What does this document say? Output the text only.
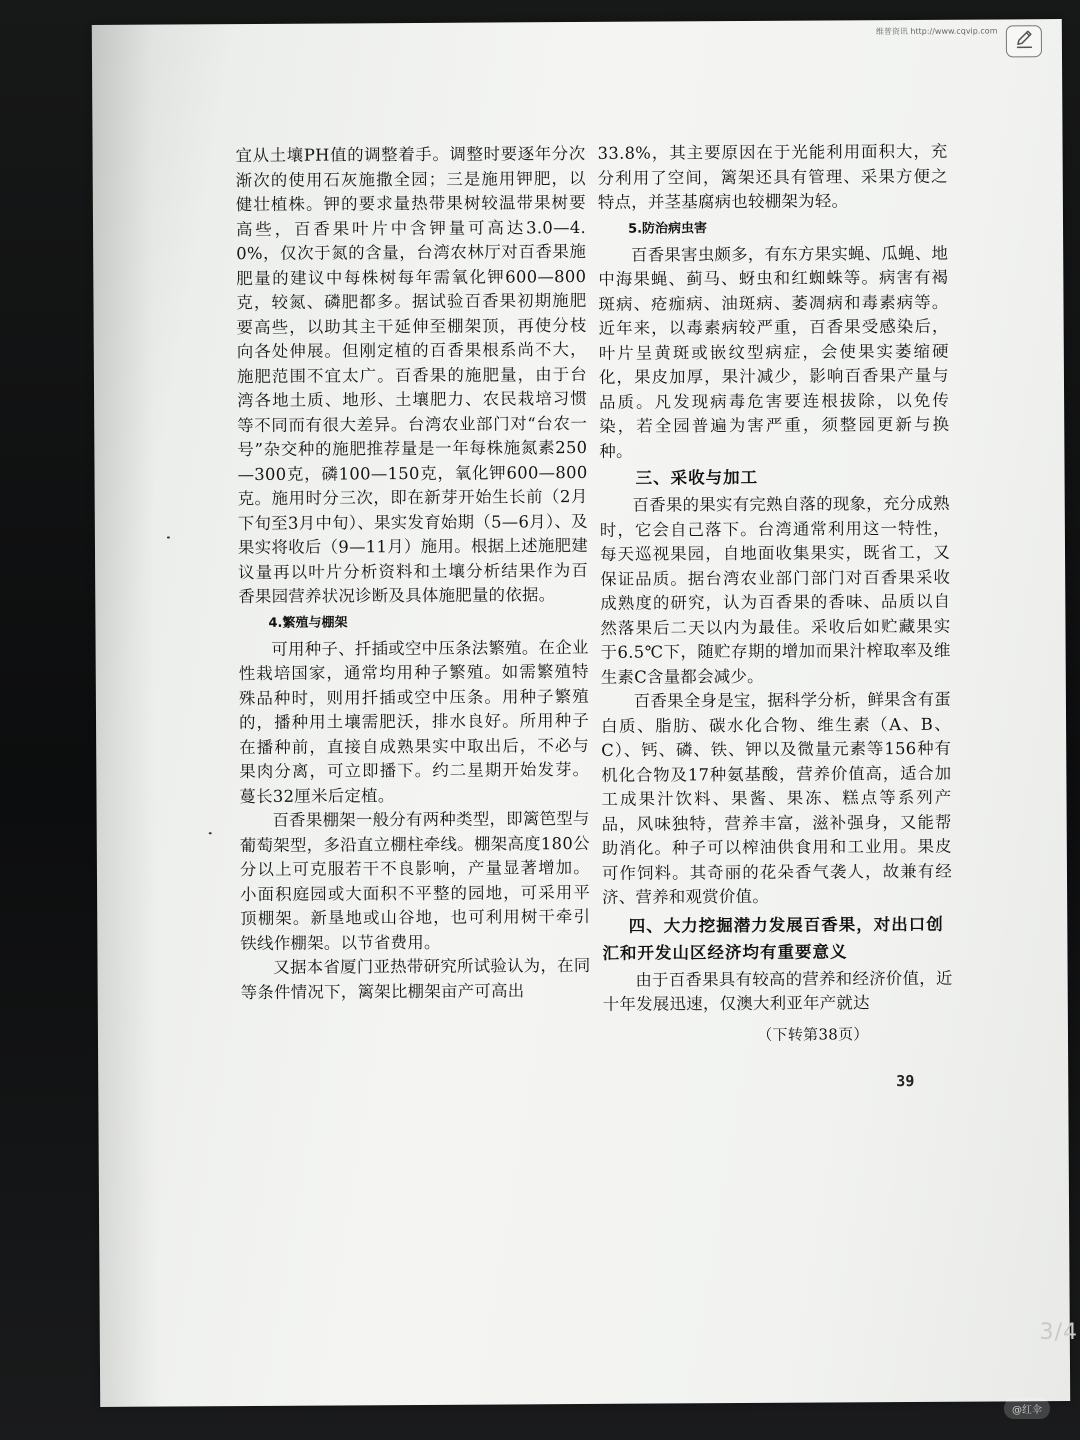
维普资讯 http://www.cqvip.com

宜从土壤PH值的调整着手。调整时要逐年分次渐次的使用石灰施撒全园；三是施用钾肥，以健壮植株。钾的要求量热带果树较温带果树要高些，百香果叶片中含钾量可高达3.0—4.0%，仅次于氮的含量，台湾农林厅对百香果施肥量的建议中每株树每年需氧化钾600—800克，较氮、磷肥都多。据试验百香果初期施肥要高些，以助其主干延伸至棚架顶，再使分枝向各处伸展。但刚定植的百香果根系尚不大，施肥范围不宜太广。百香果的施肥量，由于台湾各地土质、地形、土壤肥力、农民栽培习惯等不同而有很大差异。台湾农业部门对“台农一号”杂交种的施肥推荐量是一年每株施氮素250—300克，磷100—150克，氧化钾600—800克。施用时分三次，即在新芽开始生长前（2月下旬至3月中旬）、果实发育始期（5—6月）、及果实将收后（9—11月）施用。根据上述施肥建议量再以叶片分析资料和土壤分析结果作为百香果园营养状况诊断及具体施肥量的依据。

4.繁殖与棚架

可用种子、扦插或空中压条法繁殖。在企业性栽培国家，通常均用种子繁殖。如需繁殖特殊品种时，则用扦插或空中压条。用种子繁殖的，播种用土壤需肥沃，排水良好。所用种子在播种前，直接自成熟果实中取出后，不必与果肉分离，可立即播下。约二星期开始发芽。蔓长32厘米后定植。

百香果棚架一般分有两种类型，即篱笆型与葡萄架型，多沿直立棚柱牵线。棚架高度180公分以上可克服若干不良影响，产量显著增加。小面积庭园或大面积不平整的园地，可采用平顶棚架。新垦地或山谷地，也可利用树干牵引铁线作棚架。以节省费用。

又据本省厦门亚热带研究所试验认为，在同等条件情况下，篱架比棚架亩产可高出

33.8%，其主要原因在于光能利用面积大，充分利用了空间，篱架还具有管理、采果方便之特点，并茎基腐病也较棚架为轻。

5.防治病虫害

百香果害虫颇多，有东方果实蝇、瓜蝇、地中海果蝇、蓟马、蚜虫和红蜘蛛等。病害有褐斑病、疮痂病、油斑病、萎凋病和毒素病等。近年来，以毒素病较严重，百香果受感染后，叶片呈黄斑或嵌纹型病症，会使果实萎缩硬化，果皮加厚，果汁减少，影响百香果产量与品质。凡发现病毒危害要连根拔除，以免传染，若全园普遍为害严重，须整园更新与换种。

三、采收与加工

百香果的果实有完熟自落的现象，充分成熟时，它会自己落下。台湾通常利用这一特性，每天巡视果园，自地面收集果实，既省工，又保证品质。据台湾农业部门部门对百香果采收成熟度的研究，认为百香果的香味、品质以自然落果后二天以内为最佳。采收后如贮藏果实于6.5℃下，随贮存期的增加而果汁榨取率及维生素C含量都会减少。

百香果全身是宝，据科学分析，鲜果含有蛋白质、脂肪、碳水化合物、维生素（A、B、C）、钙、磷、铁、钾以及微量元素等156种有机化合物及17种氨基酸，营养价值高，适合加工成果汁饮料、果酱、果冻、糕点等系列产品，风味独特，营养丰富，滋补强身，又能帮助消化。种子可以榨油供食用和工业用。果皮可作饲料。其奇丽的花朵香气袭人，故兼有经济、营养和观赏价值。

四、大力挖掘潜力发展百香果，对出口创汇和开发山区经济均有重要意义

由于百香果具有较高的营养和经济价值，近十年发展迅速，仅澳大利亚年产就达

（下转第38页）

39
3/4
@红伞
